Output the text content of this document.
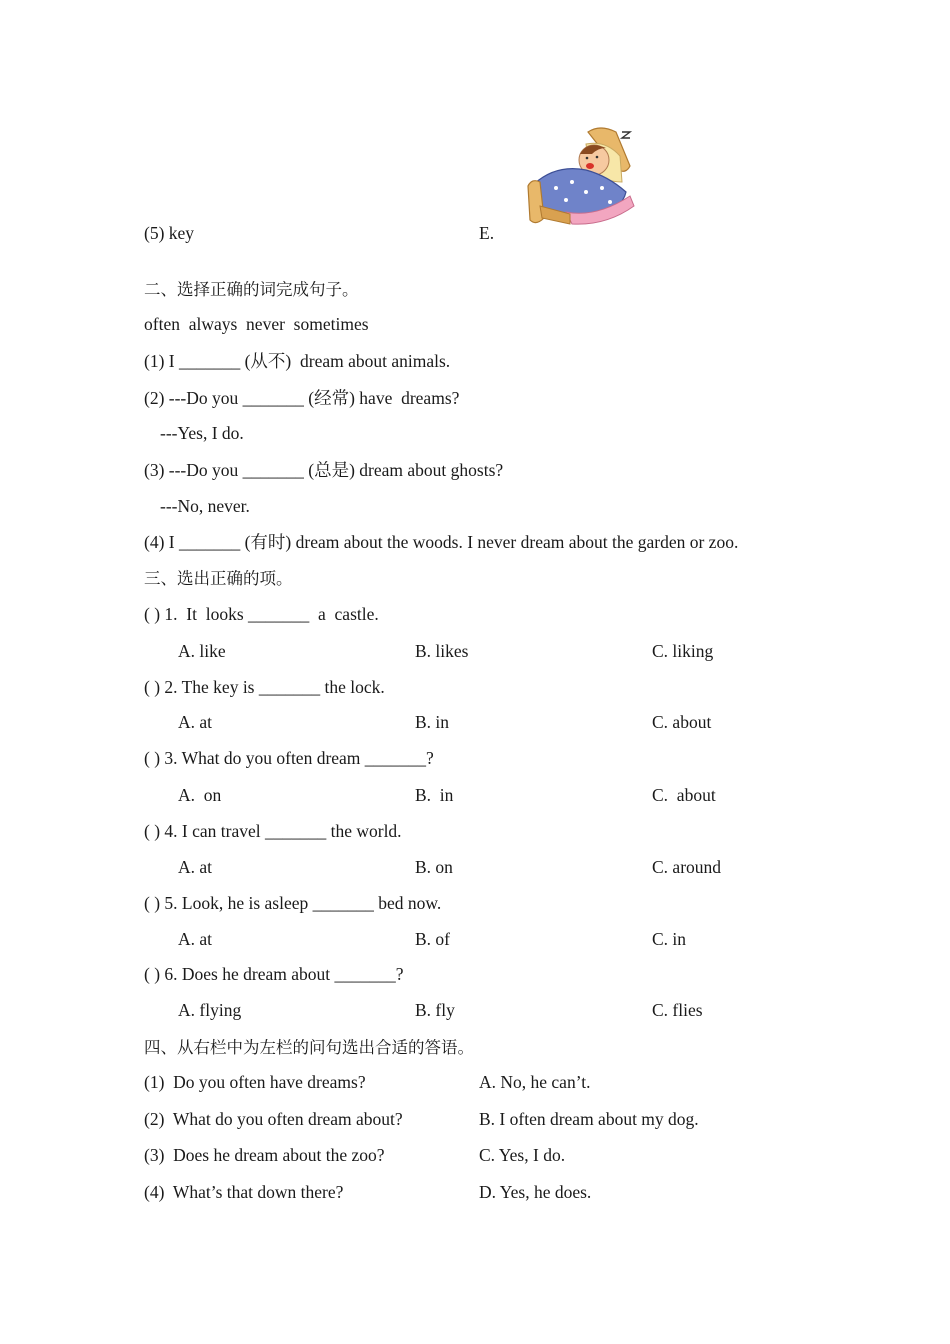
(5) key	E.
二、选择正确的词完成句子。
often  always  never  sometimes
(1) I _______ (从不)  dream about animals.
(2) ---Do you _______ (经常) have  dreams?
---Yes, I do.
(3) ---Do you _______ (总是) dream about ghosts?
---No, never.
(4) I _______ (有时) dream about the woods. I never dream about the garden or zoo.
三、选出正确的项。
( ) 1.  It  looks _______  a  castle.
A. like	B. likes	C. liking
( ) 2. The key is _______ the lock.
A. at	B. in	C. about
( ) 3. What do you often dream _______?
A.  on	B.  in	C.  about
( ) 4. I can travel _______ the world.
A. at	B. on	C. around
( ) 5. Look, he is asleep _______ bed now.
A. at	B. of	C. in
( ) 6. Does he dream about _______?
A. flying	B. fly	C. flies
四、从右栏中为左栏的问句选出合适的答语。
(1)  Do you often have dreams?	A. No, he can’t.
(2)  What do you often dream about?	B. I often dream about my dog.
(3)  Does he dream about the zoo?	C. Yes, I do.
(4)  What’s that down there?	D. Yes, he does.
